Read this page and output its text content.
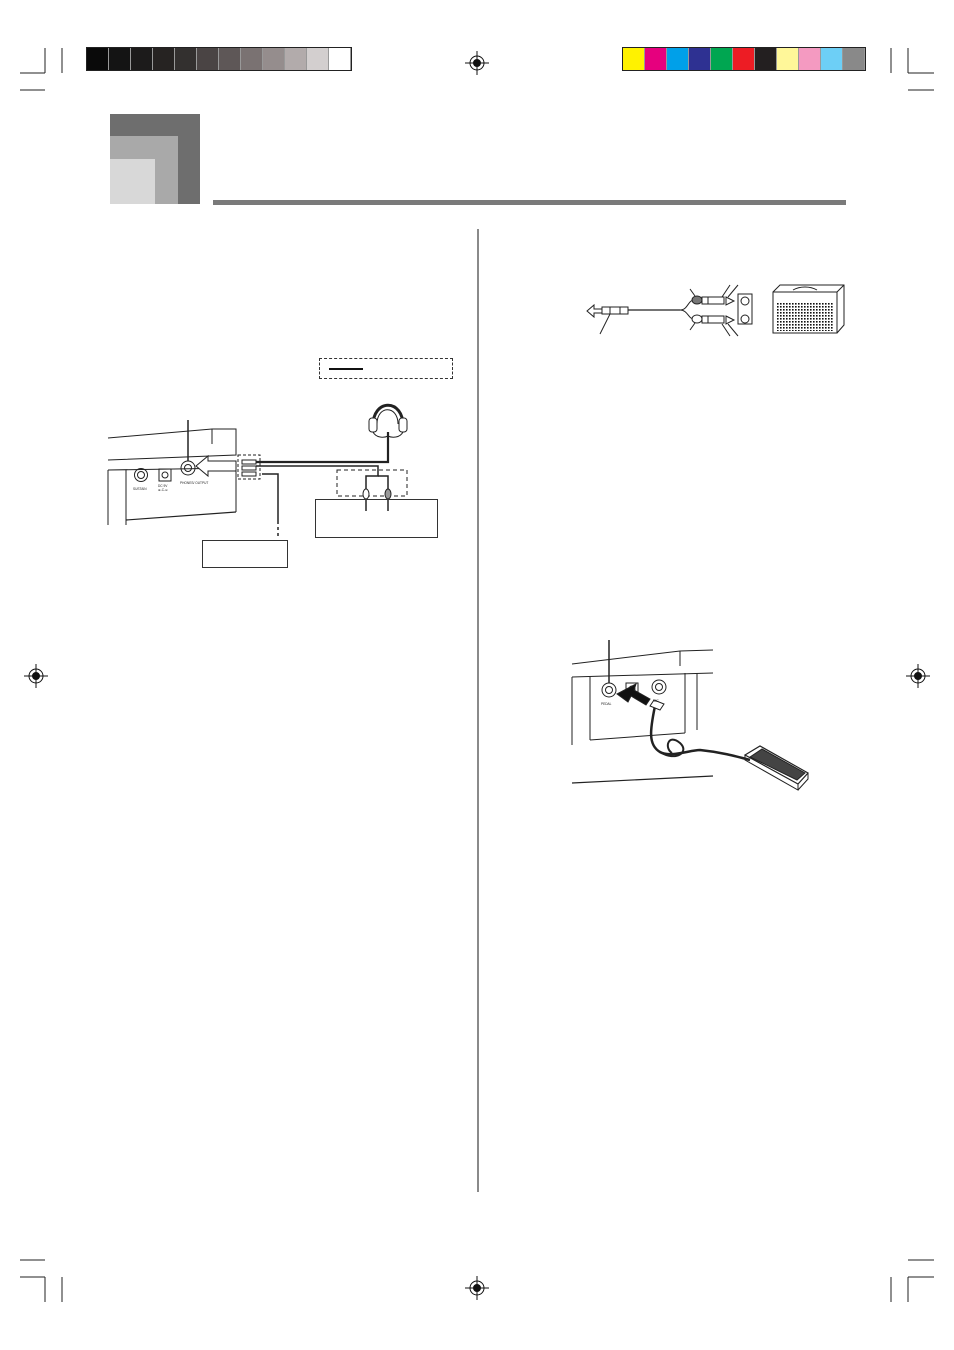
SUSTAIN
DC 9V
⊕-C-⊖
PHONES/ OUTPUT
PEDAL
MIC
